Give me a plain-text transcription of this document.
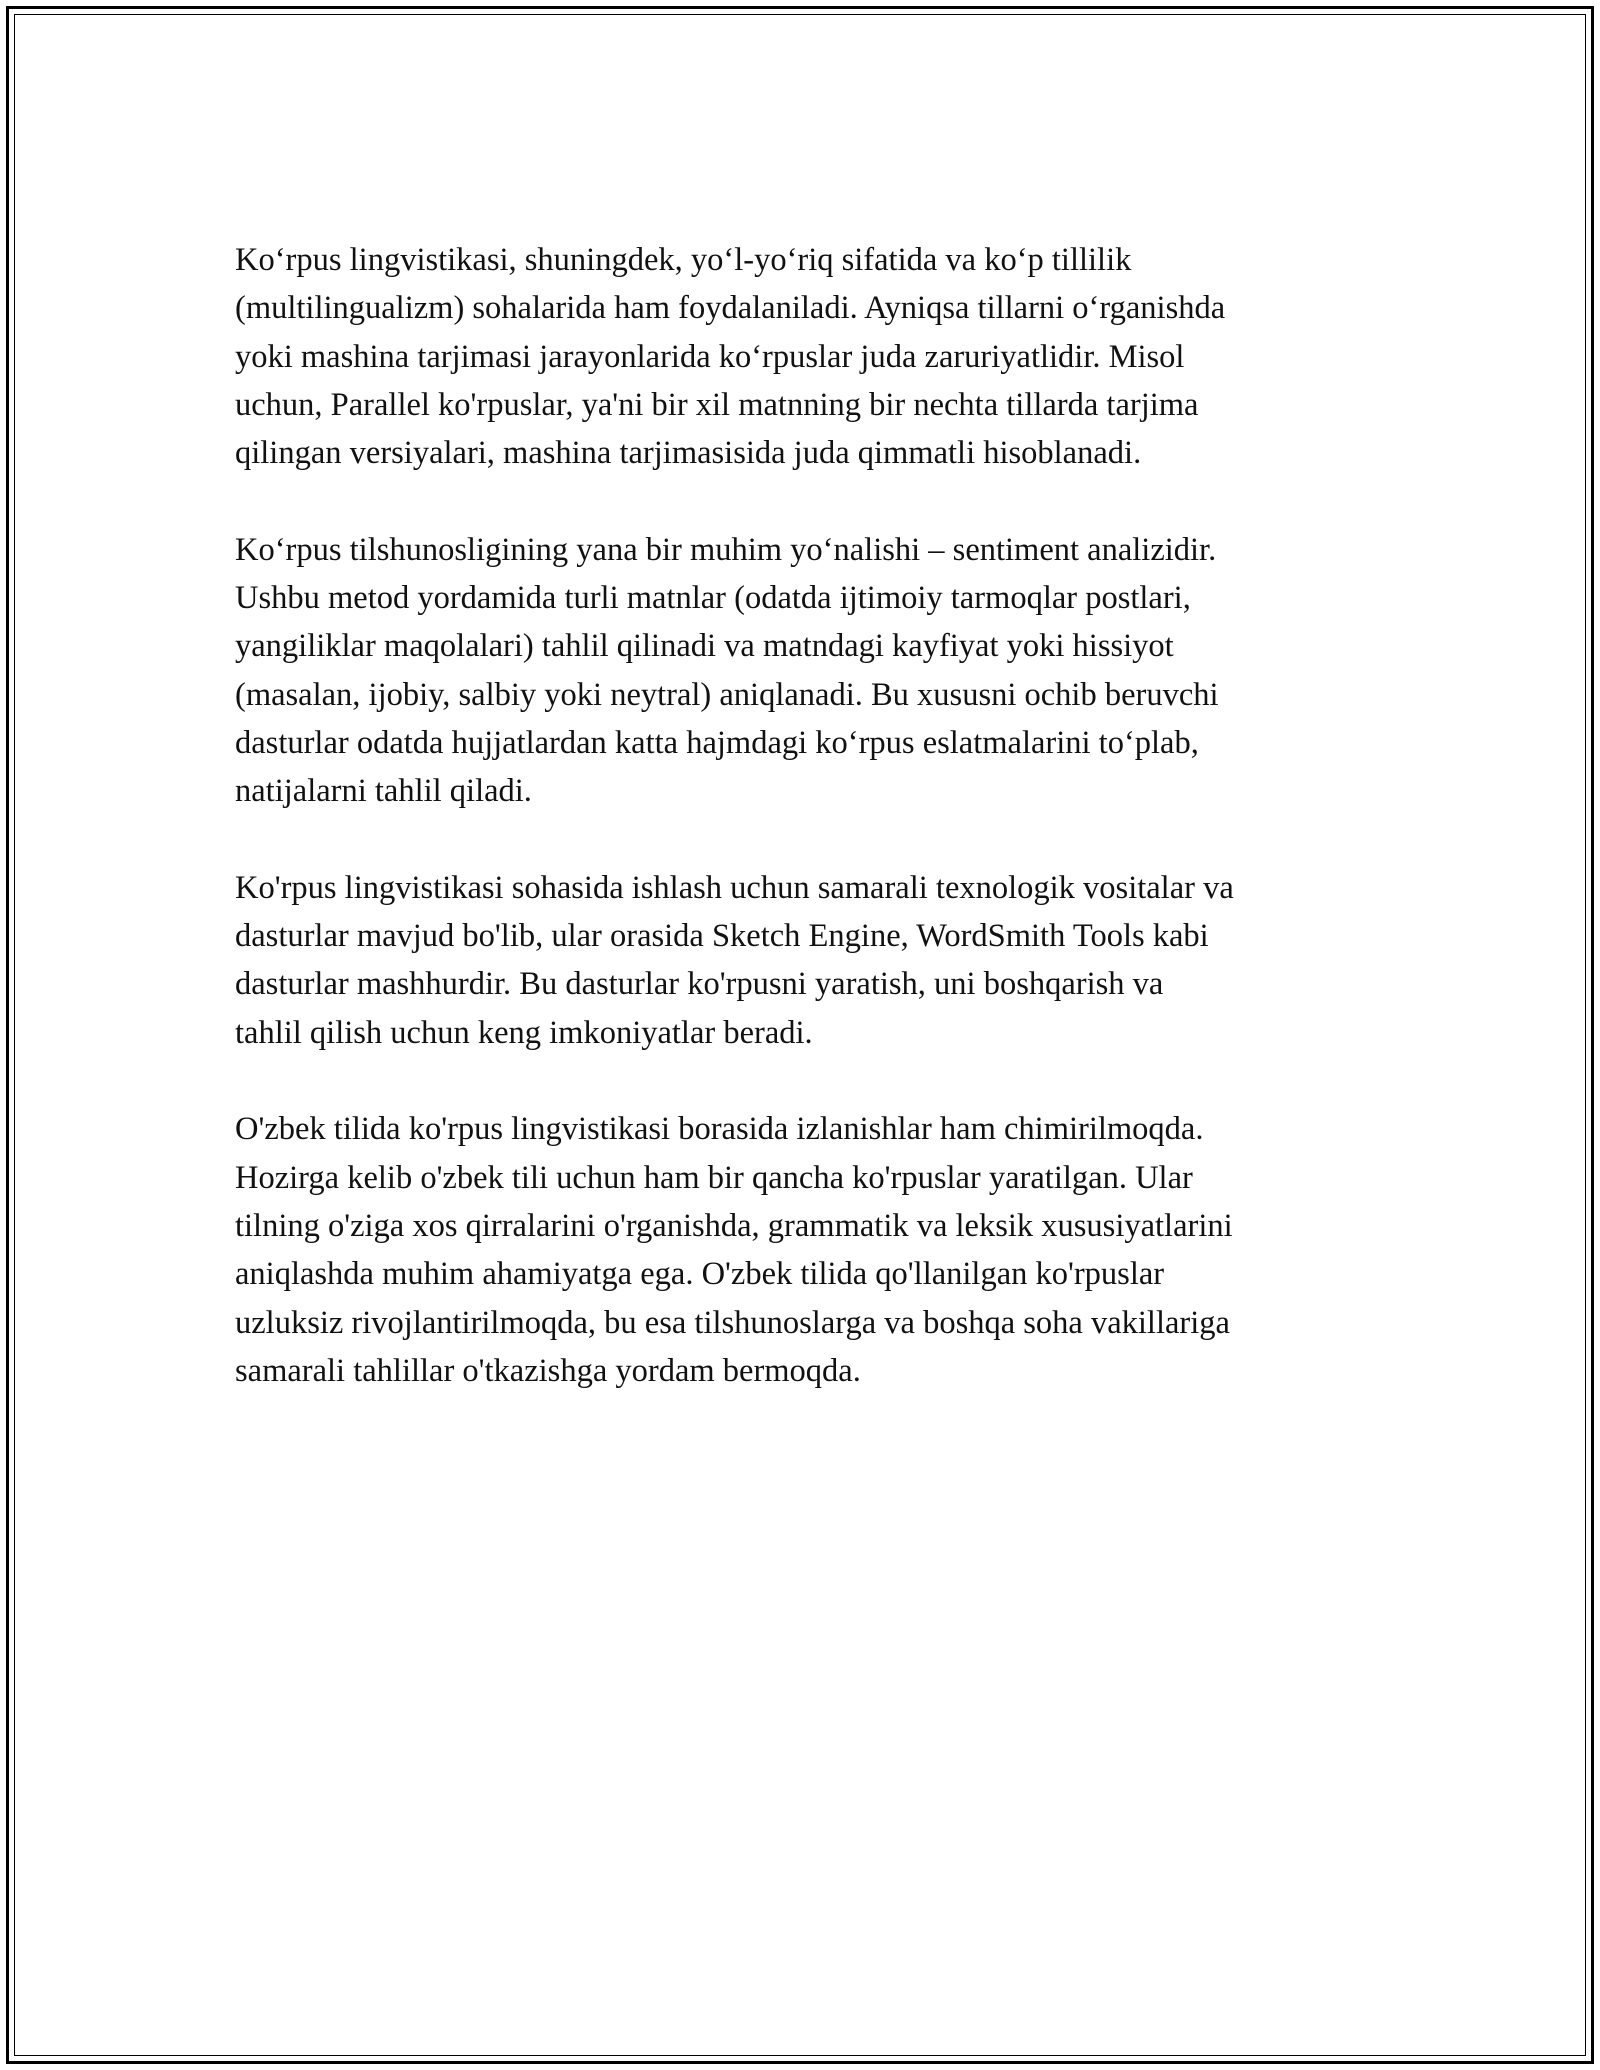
Ko‘rpus lingvistikasi, shuningdek, yo‘l-yo‘riq sifatida va ko‘p tillilik
(multilingualizm) sohalarida ham foydalaniladi. Ayniqsa tillarni o‘rganishda
yoki mashina tarjimasi jarayonlarida ko‘rpuslar juda zaruriyatlidir. Misol
uchun, Parallel ko'rpuslar, ya'ni bir xil matnning bir nechta tillarda tarjima
qilingan versiyalari, mashina tarjimasisida juda qimmatli hisoblanadi.

Ko‘rpus tilshunosligining yana bir muhim yo‘nalishi – sentiment analizidir.
Ushbu metod yordamida turli matnlar (odatda ijtimoiy tarmoqlar postlari,
yangiliklar maqolalari) tahlil qilinadi va matndagi kayfiyat yoki hissiyot
(masalan, ijobiy, salbiy yoki neytral) aniqlanadi. Bu xususni ochib beruvchi
dasturlar odatda hujjatlardan katta hajmdagi ko‘rpus eslatmalarini to‘plab,
natijalarni tahlil qiladi.

Ko'rpus lingvistikasi sohasida ishlash uchun samarali texnologik vositalar va
dasturlar mavjud bo'lib, ular orasida Sketch Engine, WordSmith Tools kabi
dasturlar mashhurdir. Bu dasturlar ko'rpusni yaratish, uni boshqarish va
tahlil qilish uchun keng imkoniyatlar beradi.

O'zbek tilida ko'rpus lingvistikasi borasida izlanishlar ham chimirilmoqda.
Hozirga kelib o'zbek tili uchun ham bir qancha ko'rpuslar yaratilgan. Ular
tilning o'ziga xos qirralarini o'rganishda, grammatik va leksik xususiyatlarini
aniqlashda muhim ahamiyatga ega. O'zbek tilida qo'llanilgan ko'rpuslar
uzluksiz rivojlantirilmoqda, bu esa tilshunoslarga va boshqa soha vakillariga
samarali tahlillar o'tkazishga yordam bermoqda.
